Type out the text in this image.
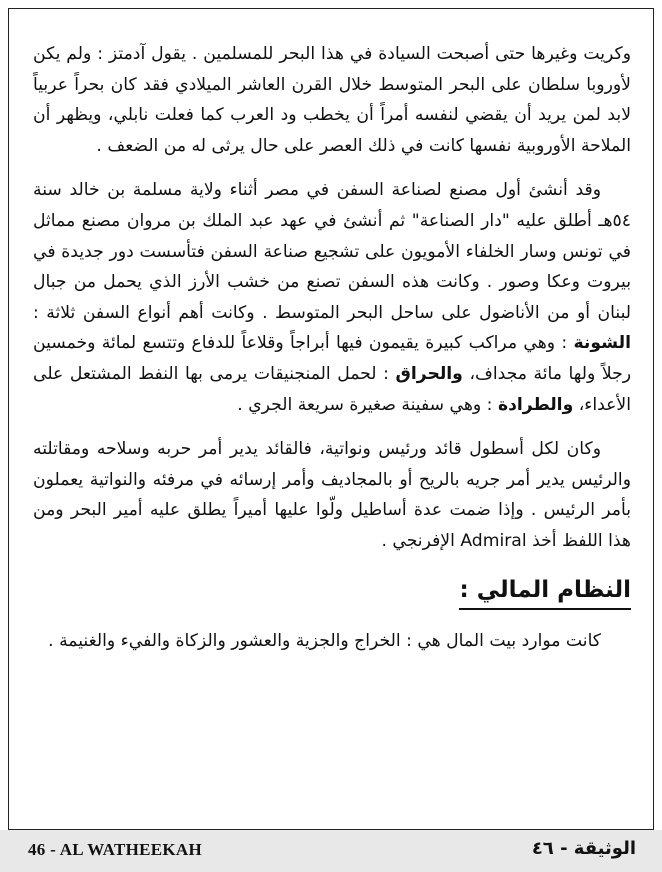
وكريت وغيرها حتى أصبحت السيادة في هذا البحر للمسلمين . يقول آدمتز : ولم يكن لأوروبا سلطان على البحر المتوسط خلال القرن العاشر الميلادي فقد كان بحراً عربياً لابد لمن يريد أن يقضي لنفسه أمراً أن يخطب ود العرب كما فعلت نابلي، ويظهر أن الملاحة الأوروبية نفسها كانت في ذلك العصر على حال يرثى له من الضعف .

وقد أنشئ أول مصنع لصناعة السفن في مصر أثناء ولاية مسلمة بن خالد سنة ٥٤هـ أطلق عليه "دار الصناعة" ثم أنشئ في عهد عبد الملك بن مروان مصنع مماثل في تونس وسار الخلفاء الأمويون على تشجيع صناعة السفن فتأسست دور جديدة في بيروت وعكا وصور . وكانت هذه السفن تصنع من خشب الأرز الذي يحمل من جبال لبنان أو من الأناضول على ساحل البحر المتوسط . وكانت أهم أنواع السفن ثلاثة : الشونة : وهي مراكب كبيرة يقيمون فيها أبراجاً وقلاعاً للدفاع وتتسع لمائة وخمسين رجلاً ولها مائة مجداف، والحراق : لحمل المنجنيقات يرمى بها النفط المشتعل على الأعداء، والطرادة : وهي سفينة صغيرة سريعة الجري .

وكان لكل أسطول قائد ورئيس ونواتية، فالقائد يدير أمر حربه وسلاحه ومقاتلته والرئيس يدير أمر جريه بالريح أو بالمجاديف وأمر إرسائه في مرفئه والنواتية يعملون بأمر الرئيس . وإذا ضمت عدة أساطيل ولّوا عليها أميراً يطلق عليه أمير البحر ومن هذا اللفظ أخذ Admiral الإفرنجي .

النظام المالي :

كانت موارد بيت المال هي : الخراج والجزية والعشور والزكاة والفيء والغنيمة .

46 - AL WATHEEKAH	الوثيقة - ٤٦
